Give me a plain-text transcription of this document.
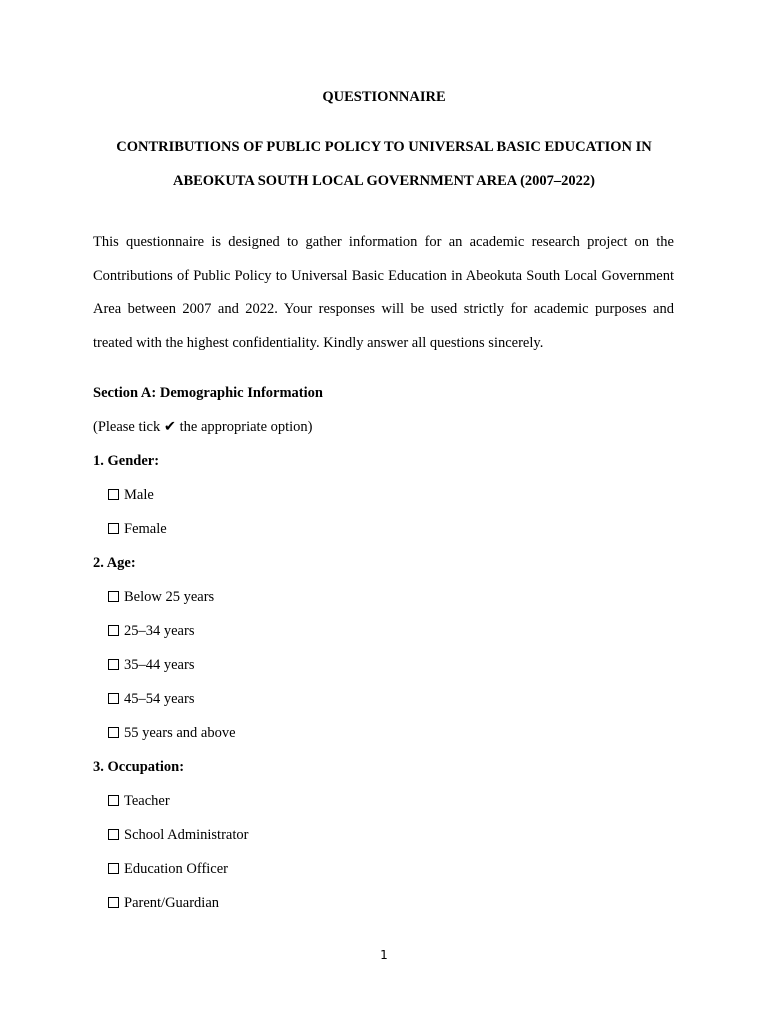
QUESTIONNAIRE
CONTRIBUTIONS OF PUBLIC POLICY TO UNIVERSAL BASIC EDUCATION IN
ABEOKUTA SOUTH LOCAL GOVERNMENT AREA (2007–2022)
This questionnaire is designed to gather information for an academic research project on the Contributions of Public Policy to Universal Basic Education in Abeokuta South Local Government Area between 2007 and 2022. Your responses will be used strictly for academic purposes and treated with the highest confidentiality. Kindly answer all questions sincerely.
Section A: Demographic Information
(Please tick ✔ the appropriate option)
1. Gender:
Male
Female
2. Age:
Below 25 years
25–34 years
35–44 years
45–54 years
55 years and above
3. Occupation:
Teacher
School Administrator
Education Officer
Parent/Guardian
1
